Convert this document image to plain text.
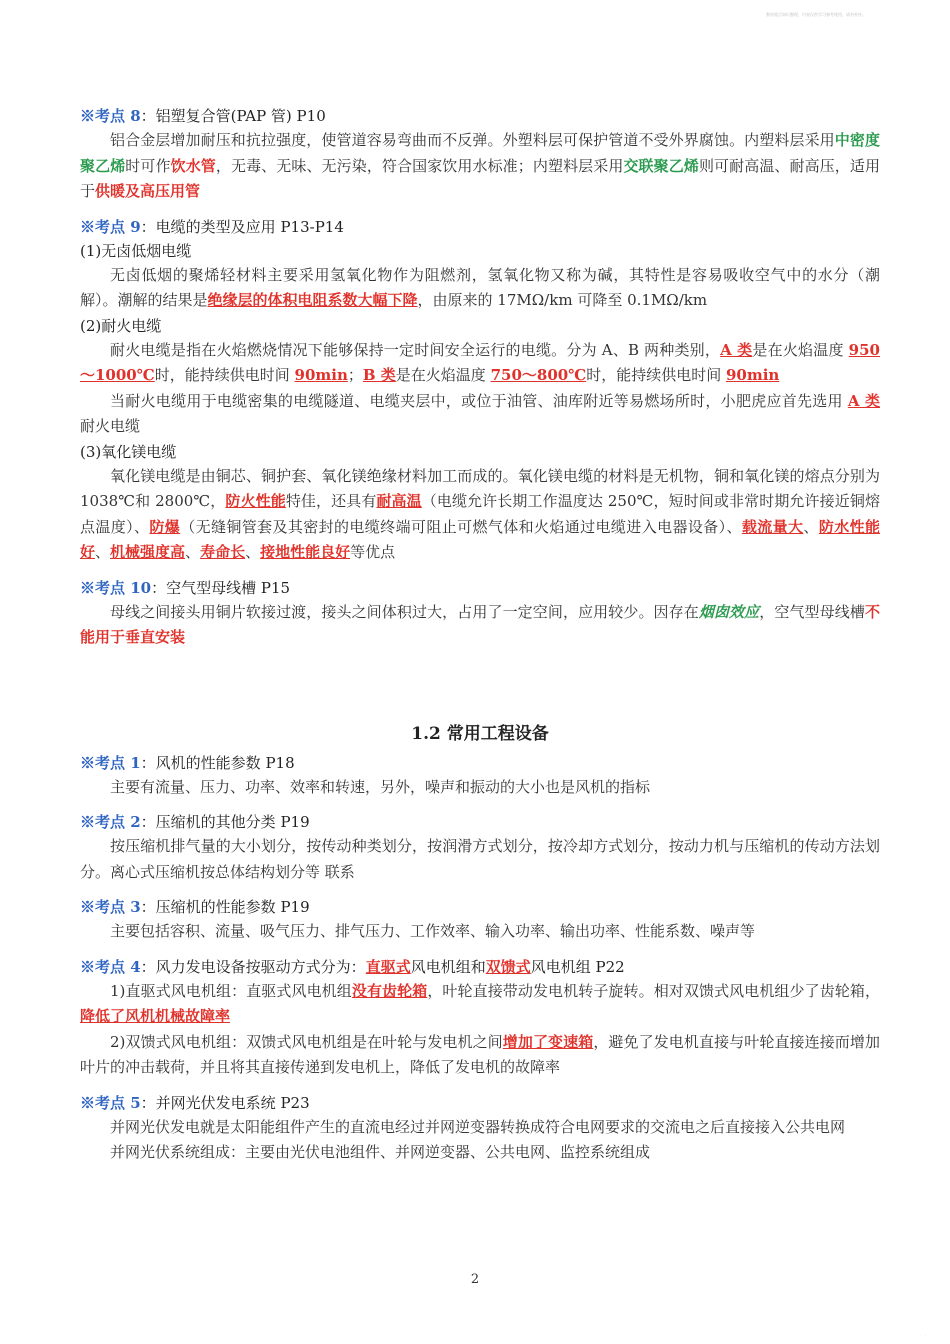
教材重点知识整理，内容仅供学习参考使用，请勿外传。
※考点 8：铝塑复合管(PAP 管) P10
铝合金层增加耐压和抗拉强度，使管道容易弯曲而不反弹。外塑料层可保护管道不受外界腐蚀。内塑料层采用中密度聚乙烯时可作饮水管，无毒、无味、无污染，符合国家饮用水标准；内塑料层采用交联聚乙烯则可耐高温、耐高压，适用于供暖及高压用管
※考点 9：电缆的类型及应用 P13-P14
(1)无卤低烟电缆
无卤低烟的聚烯轻材料主要采用氢氧化物作为阻燃剂，氢氧化物又称为碱，其特性是容易吸收空气中的水分（潮解）。潮解的结果是绝缘层的体积电阻系数大幅下降，由原来的 17MΩ/km 可降至 0.1MΩ/km
(2)耐火电缆
耐火电缆是指在火焰燃烧情况下能够保持一定时间安全运行的电缆。分为 A、B 两种类别，A 类是在火焰温度 950～1000℃时，能持续供电时间 90min；B 类是在火焰温度 750～800℃时，能持续供电时间 90min
当耐火电缆用于电缆密集的电缆隧道、电缆夹层中，或位于油管、油库附近等易燃场所时，小肥虎应首先选用 A 类耐火电缆
(3)氧化镁电缆
氧化镁电缆是由铜芯、铜护套、氧化镁绝缘材料加工而成的。氧化镁电缆的材料是无机物，铜和氧化镁的熔点分别为 1038℃和 2800℃，防火性能特佳，还具有耐高温（电缆允许长期工作温度达 250℃，短时间或非常时期允许接近铜熔点温度）、防爆（无缝铜管套及其密封的电缆终端可阻止可燃气体和火焰通过电缆进入电器设备）、载流量大、防水性能好、机械强度高、寿命长、接地性能良好等优点
※考点 10：空气型母线槽 P15
母线之间接头用铜片软接过渡，接头之间体积过大，占用了一定空间，应用较少。因存在烟囱效应，空气型母线槽不能用于垂直安装
1.2 常用工程设备
※考点 1：风机的性能参数 P18
主要有流量、压力、功率、效率和转速，另外，噪声和振动的大小也是风机的指标
※考点 2：压缩机的其他分类 P19
按压缩机排气量的大小划分，按传动种类划分，按润滑方式划分，按冷却方式划分，按动力机与压缩机的传动方法划分。离心式压缩机按总体结构划分等 联系
※考点 3：压缩机的性能参数 P19
主要包括容积、流量、吸气压力、排气压力、工作效率、输入功率、输出功率、性能系数、噪声等
※考点 4：风力发电设备按驱动方式分为：直驱式风电机组和双馈式风电机组 P22
1)直驱式风电机组：直驱式风电机组没有齿轮箱，叶轮直接带动发电机转子旋转。相对双馈式风电机组少了齿轮箱，降低了风机机械故障率
2)双馈式风电机组：双馈式风电机组是在叶轮与发电机之间增加了变速箱，避免了发电机直接与叶轮直接连接而增加叶片的冲击载荷，并且将其直接传递到发电机上，降低了发电机的故障率
※考点 5：并网光伏发电系统 P23
并网光伏发电就是太阳能组件产生的直流电经过并网逆变器转换成符合电网要求的交流电之后直接接入公共电网
并网光伏系统组成：主要由光伏电池组件、并网逆变器、公共电网、监控系统组成
2
·
